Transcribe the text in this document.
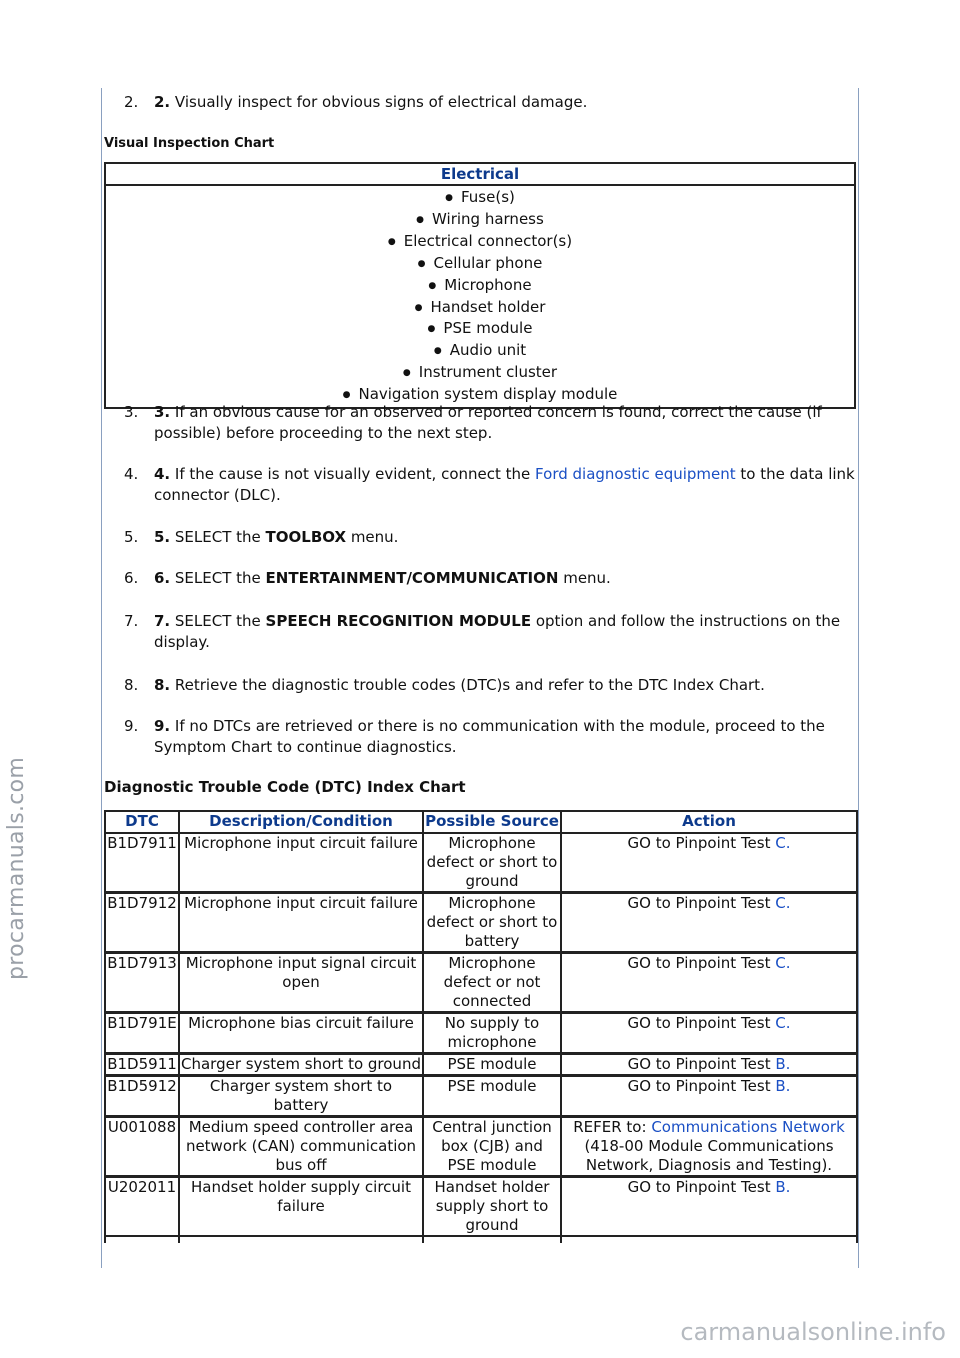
2.	2. Visually inspect for obvious signs of electrical damage.
Visual Inspection Chart
Electrical
● Fuse(s)
● Wiring harness
● Electrical connector(s)
● Cellular phone
● Microphone
● Handset holder
● PSE module
● Audio unit
● Instrument cluster
● Navigation system display module
3.	3. If an obvious cause for an observed or reported concern is found, correct the cause (if possible) before proceeding to the next step.
4.	4. If the cause is not visually evident, connect the Ford diagnostic equipment to the data link connector (DLC).
5.	5. SELECT the TOOLBOX menu.
6.	6. SELECT the ENTERTAINMENT/COMMUNICATION menu.
7.	7. SELECT the SPEECH RECOGNITION MODULE option and follow the instructions on the display.
8.	8. Retrieve the diagnostic trouble codes (DTC)s and refer to the DTC Index Chart.
9.	9. If no DTCs are retrieved or there is no communication with the module, proceed to the Symptom Chart to continue diagnostics.
Diagnostic Trouble Code (DTC) Index Chart
DTC	Description/Condition	Possible Source	Action
B1D7911	Microphone input circuit failure	Microphone defect or short to ground	GO to Pinpoint Test C.
B1D7912	Microphone input circuit failure	Microphone defect or short to battery	GO to Pinpoint Test C.
B1D7913	Microphone input signal circuit open	Microphone defect or not connected	GO to Pinpoint Test C.
B1D791E	Microphone bias circuit failure	No supply to microphone	GO to Pinpoint Test C.
B1D5911	Charger system short to ground	PSE module	GO to Pinpoint Test B.
B1D5912	Charger system short to battery	PSE module	GO to Pinpoint Test B.
U001088	Medium speed controller area network (CAN) communication bus off	Central junction box (CJB) and PSE module	REFER to: Communications Network (418-00 Module Communications Network, Diagnosis and Testing).
U202011	Handset holder supply circuit failure	Handset holder supply short to ground	GO to Pinpoint Test B.

procarmanuals.com
carmanualsonline.info
